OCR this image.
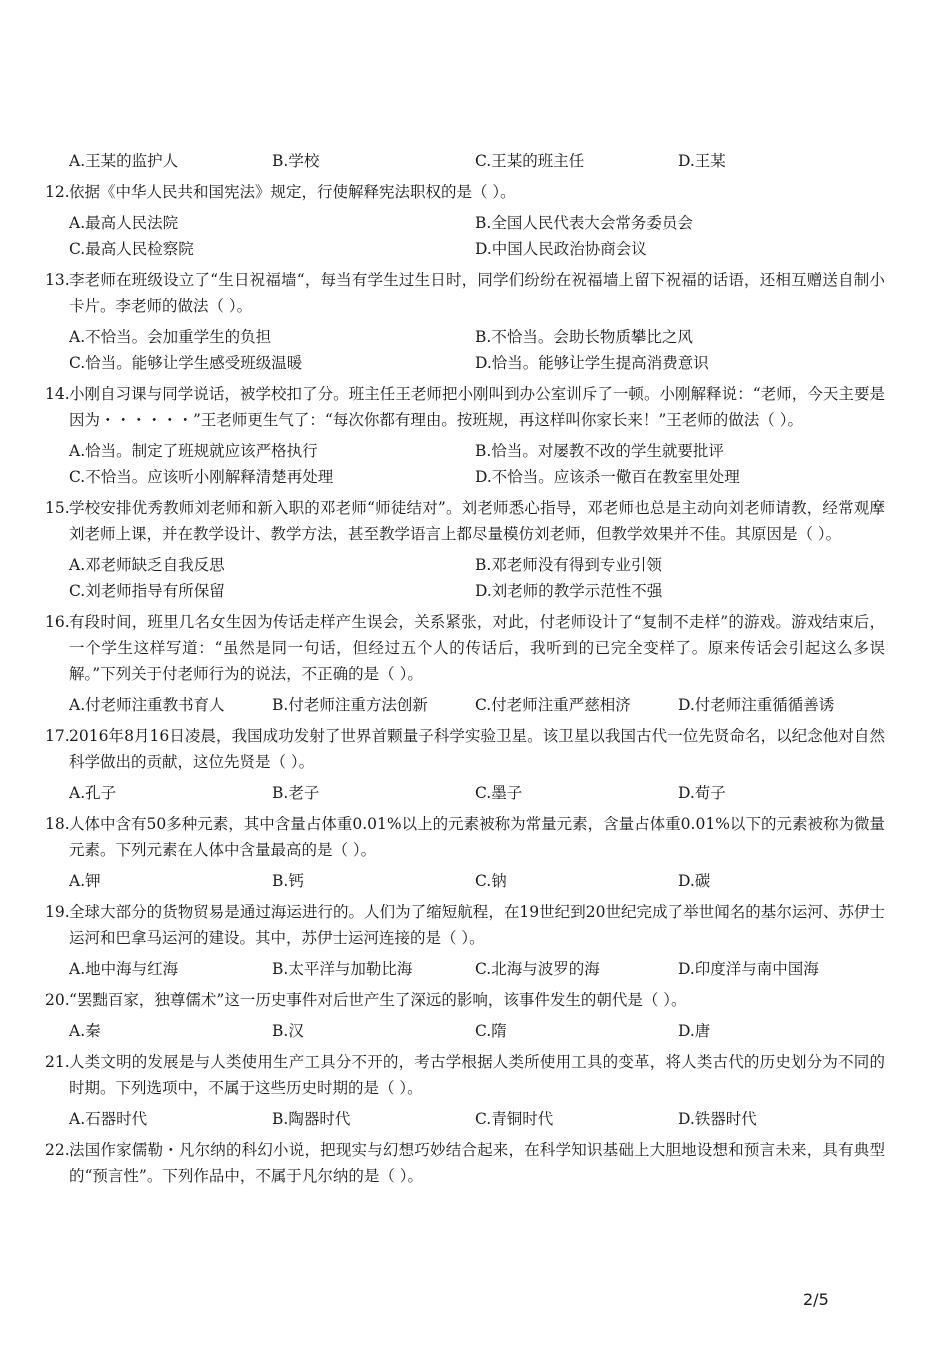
A.王某的监护人	B.学校	C.王某的班主任	D.王某
12. 依据《中华人民共和国宪法》规定，行使解释宪法职权的是（ ）。
A.最高人民法院	B.全国人民代表大会常务委员会
C.最高人民检察院	D.中国人民政治协商会议
13. 李老师在班级设立了“生日祝福墙“，每当有学生过生日时，同学们纷纷在祝福墙上留下祝福的话语，还相互赠送自制小卡片。李老师的做法（ ）。
A.不恰当。会加重学生的负担	B.不恰当。会助长物质攀比之风
C.恰当。能够让学生感受班级温暖	D.恰当。能够让学生提高消费意识
14. 小刚自习课与同学说话，被学校扣了分。班主任王老师把小刚叫到办公室训斥了一顿。小刚解释说：“老师，今天主要是因为・・・・・・”王老师更生气了：“每次你都有理由。按班规，再这样叫你家长来！”王老师的做法（ ）。
A.恰当。制定了班规就应该严格执行	B.恰当。对屡教不改的学生就要批评
C.不恰当。应该听小刚解释清楚再处理	D.不恰当。应该杀一儆百在教室里处理
15. 学校安排优秀教师刘老师和新入职的邓老师“师徒结对”。刘老师悉心指导，邓老师也总是主动向刘老师请教，经常观摩刘老师上课，并在教学设计、教学方法，甚至教学语言上都尽量模仿刘老师，但教学效果并不佳。其原因是（ ）。
A.邓老师缺乏自我反思	B.邓老师没有得到专业引领
C.刘老师指导有所保留	D.刘老师的教学示范性不强
16. 有段时间，班里几名女生因为传话走样产生误会，关系紧张，对此，付老师设计了“复制不走样”的游戏。游戏结束后，一个学生这样写道：“虽然是同一句话，但经过五个人的传话后，我听到的已完全变样了。原来传话会引起这么多误解。”下列关于付老师行为的说法，不正确的是（ ）。
A.付老师注重教书育人	B.付老师注重方法创新	C.付老师注重严慈相济	D.付老师注重循循善诱
17. 2016年8月16日凌晨，我国成功发射了世界首颗量子科学实验卫星。该卫星以我国古代一位先贤命名，以纪念他对自然科学做出的贡献，这位先贤是（ ）。
A.孔子	B.老子	C.墨子	D.荀子
18. 人体中含有50多种元素，其中含量占体重0.01%以上的元素被称为常量元素，含量占体重0.01%以下的元素被称为微量元素。下列元素在人体中含量最高的是（ ）。
A.钾	B.钙	C.钠	D.碳
19. 全球大部分的货物贸易是通过海运进行的。人们为了缩短航程，在19世纪到20世纪完成了举世闻名的基尔运河、苏伊士运河和巴拿马运河的建设。其中，苏伊士运河连接的是（ ）。
A.地中海与红海	B.太平洋与加勒比海	C.北海与波罗的海	D.印度洋与南中国海
20. “罢黜百家，独尊儒术”这一历史事件对后世产生了深远的影响，该事件发生的朝代是（ ）。
A.秦	B.汉	C.隋	D.唐
21. 人类文明的发展是与人类使用生产工具分不开的，考古学根据人类所使用工具的变革，将人类古代的历史划分为不同的时期。下列选项中，不属于这些历史时期的是（ ）。
A.石器时代	B.陶器时代	C.青铜时代	D.铁器时代
22. 法国作家儒勒・凡尔纳的科幻小说，把现实与幻想巧妙结合起来，在科学知识基础上大胆地设想和预言未来，具有典型的“预言性”。下列作品中，不属于凡尔纳的是（ ）。
2/5
